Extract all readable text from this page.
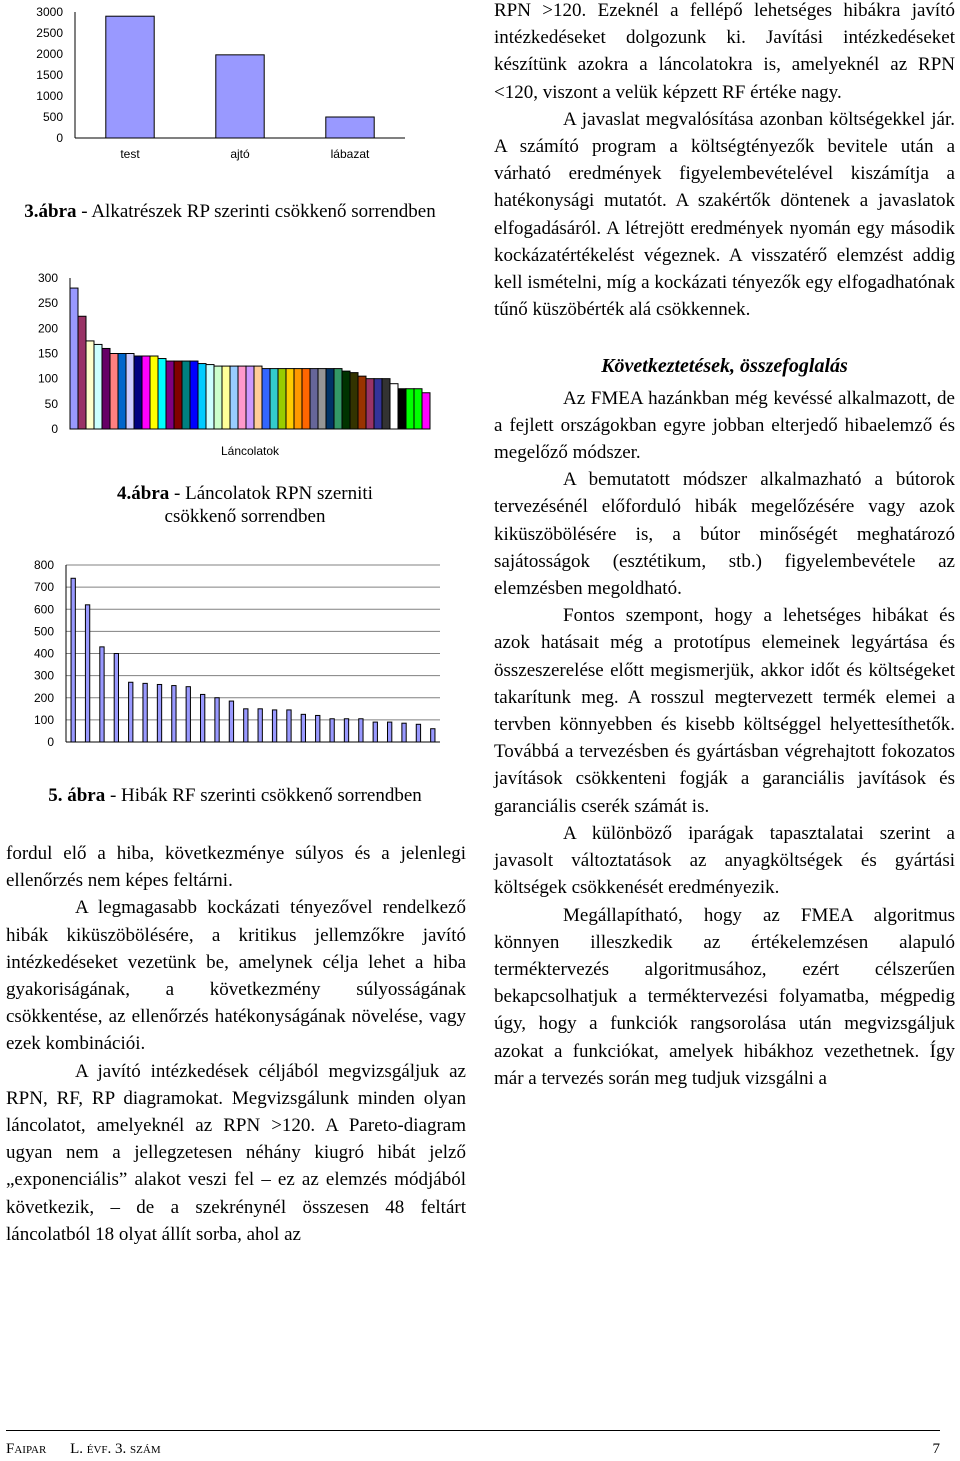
3000
2500
2000
1500
1000
500
0
test	ajtó	lábazat
3.ábra - Alkatrészek RP szerinti csökkenő sorrendben
300
250
200
150
100
50
0
Láncolatok
4.ábra - Láncolatok RPN szerniti csökkenő sorrendben
800
700
600
500
400
300
200
100
0
5. ábra - Hibák RF szerinti csökkenő sorrendben

fordul elő a hiba, következménye súlyos és a jelenlegi ellenőrzés nem képes feltárni.

A legmagasabb kockázati tényezővel rendelkező hibák kiküszöbölésére, a kritikus jellemzőkre javító intézkedéseket vezetünk be, amelynek célja lehet a hiba gyakoriságának, a következmény súlyosságának csökkentése, az ellenőrzés hatékonyságának növelése, vagy ezek kombinációi.

A javító intézkedések céljából megvizsgáljuk az RPN, RF, RP diagramokat. Megvizsgálunk minden olyan láncolatot, amelyeknél az RPN >120. A Pareto-diagram ugyan nem a jellegzetesen néhány kiugró hibát jelző „exponenciális” alakot veszi fel – ez az elemzés módjából következik, – de a szekrénynél összesen 48 feltárt láncolatból 18 olyat állít sorba, ahol az

RPN >120. Ezeknél a fellépő lehetséges hibákra javító intézkedéseket dolgozunk ki. Javítási intézkedéseket készítünk azokra a láncolatokra is, amelyeknél az RPN <120, viszont a velük képzett RF értéke nagy.

A javaslat megvalósítása azonban költségekkel jár. A számító program a költségtényezők bevitele után a várható eredmények figyelembevételével kiszámítja a hatékonysági mutatót. A szakértők döntenek a javaslatok elfogadásáról. A létrejött eredmények nyomán egy második kockázatértékelést végeznek. A visszatérő elemzést addig kell ismételni, míg a kockázati tényezők egy elfogadhatónak tűnő küszöbérték alá csökkennek.

Következtetések, összefoglalás

Az FMEA hazánkban még kevéssé alkalmazott, de a fejlett országokban egyre jobban elterjedő hibaelemző és megelőző módszer.

A bemutatott módszer alkalmazható a bútorok tervezésénél előforduló hibák megelőzésére vagy azok kiküszöbölésére is, a bútor minőségét meghatározó sajátosságok (esztétikum, stb.) figyelembevétele az elemzésben megoldható.

Fontos szempont, hogy a lehetséges hibákat és azok hatásait még a prototípus elemeinek legyártása és összeszerelése előtt megismerjük, akkor időt és költségeket takarítunk meg. A rosszul megtervezett termék elemei a tervben könnyebben és kisebb költséggel helyettesíthetők. Továbbá a tervezésben és gyártásban végrehajtott fokozatos javítások csökkenteni fogják a garanciális javítások és garanciális cserék számát is.

A különböző iparágak tapasztalatai szerint a javasolt változtatások az anyagköltségek és gyártási költségek csökkenését eredményezik.

Megállapítható, hogy az FMEA algoritmus könnyen illeszkedik az értékelemzésen alapuló terméktervezés algoritmusához, ezért célszerűen bekapcsolhatjuk a terméktervezési folyamatba, mégpedig úgy, hogy a funkciók rangsorolása után megvizsgáljuk azokat a funkciókat, amelyek hibákhoz vezethetnek. Így már a tervezés során meg tudjuk vizsgálni a

Faipar L. évf. 3. szám	7
